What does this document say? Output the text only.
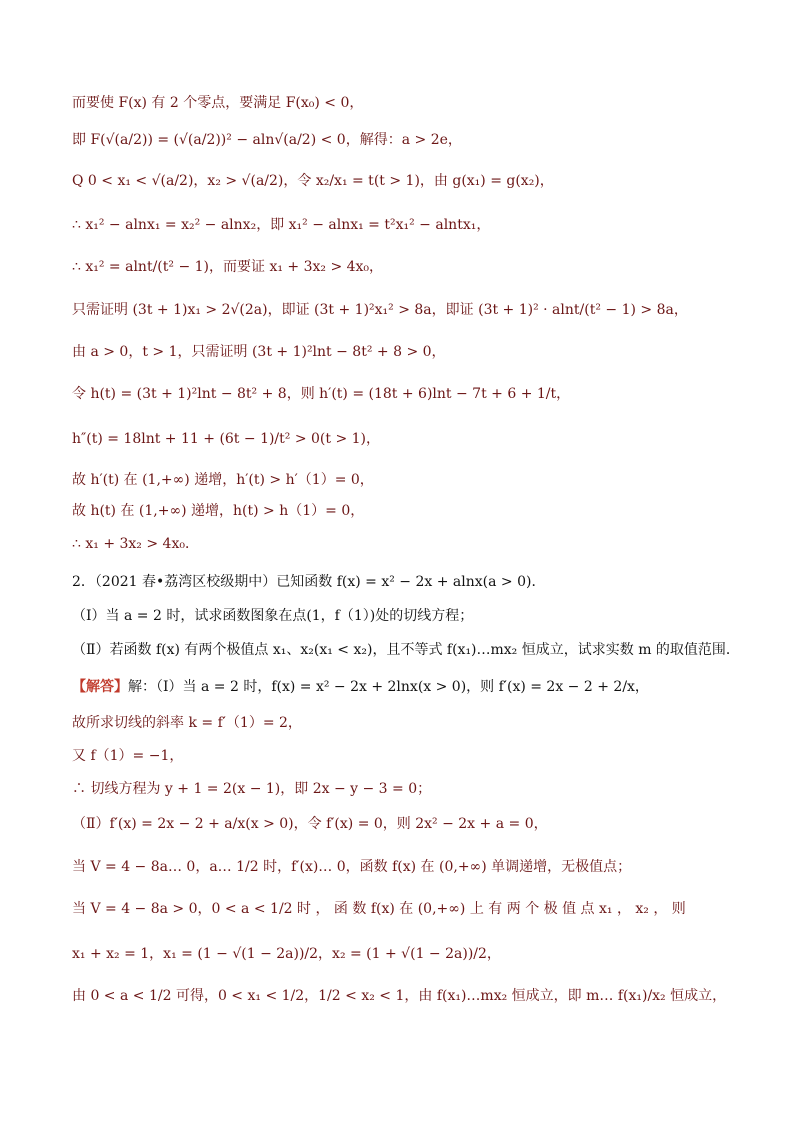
而要使 F(x) 有 2 个零点，要满足 F(x₀) < 0，
即 F(√(a/2)) = (√(a/2))² − aln√(a/2) < 0，解得：a > 2e，
Q 0 < x₁ < √(a/2)，x₂ > √(a/2)，令 x₂/x₁ = t(t > 1)，由 g(x₁) = g(x₂)，
∴ x₁² − alnx₁ = x₂² − alnx₂，即 x₁² − alnx₁ = t²x₁² − alntx₁，
∴ x₁² = alnt/(t² − 1)，而要证 x₁ + 3x₂ > 4x₀，
只需证明 (3t + 1)x₁ > 2√(2a)，即证 (3t + 1)²x₁² > 8a，即证 (3t + 1)² · alnt/(t² − 1) > 8a，
由 a > 0，t > 1，只需证明 (3t + 1)²lnt − 8t² + 8 > 0，
令 h(t) = (3t + 1)²lnt − 8t² + 8，则 h′(t) = (18t + 6)lnt − 7t + 6 + 1/t，
h″(t) = 18lnt + 11 + (6t − 1)/t² > 0(t > 1)，
故 h′(t) 在 (1,+∞) 递增，h′(t) > h′（1）= 0，
故 h(t) 在 (1,+∞) 递增，h(t) > h（1）= 0，
∴ x₁ + 3x₂ > 4x₀．
2．（2021 春•荔湾区校级期中）已知函数 f(x) = x² − 2x + alnx(a > 0)．
（Ⅰ）当 a = 2 时，试求函数图象在点(1，f（1）)处的切线方程；
（Ⅱ）若函数 f(x) 有两个极值点 x₁、x₂(x₁ < x₂)，且不等式 f(x₁)…mx₂ 恒成立，试求实数 m 的取值范围．
【解答】解：（Ⅰ）当 a = 2 时，f(x) = x² − 2x + 2lnx(x > 0)，则 f′(x) = 2x − 2 + 2/x，
故所求切线的斜率 k = f′（1）= 2，
又 f（1）= −1，
∴ 切线方程为 y + 1 = 2(x − 1)，即 2x − y − 3 = 0；
（Ⅱ）f′(x) = 2x − 2 + a/x(x > 0)，令 f′(x) = 0，则 2x² − 2x + a = 0，
当 V = 4 − 8a… 0，a… 1/2 时，f′(x)… 0，函数 f(x) 在 (0,+∞) 单调递增，无极值点；
当 V = 4 − 8a > 0，0 < a < 1/2 时 ， 函 数 f(x) 在 (0,+∞) 上 有 两 个 极 值 点 x₁ ， x₂ ， 则
x₁ + x₂ = 1，x₁ = (1 − √(1 − 2a))/2，x₂ = (1 + √(1 − 2a))/2，
由 0 < a < 1/2 可得，0 < x₁ < 1/2，1/2 < x₂ < 1，由 f(x₁)…mx₂ 恒成立，即 m… f(x₁)/x₂ 恒成立，
